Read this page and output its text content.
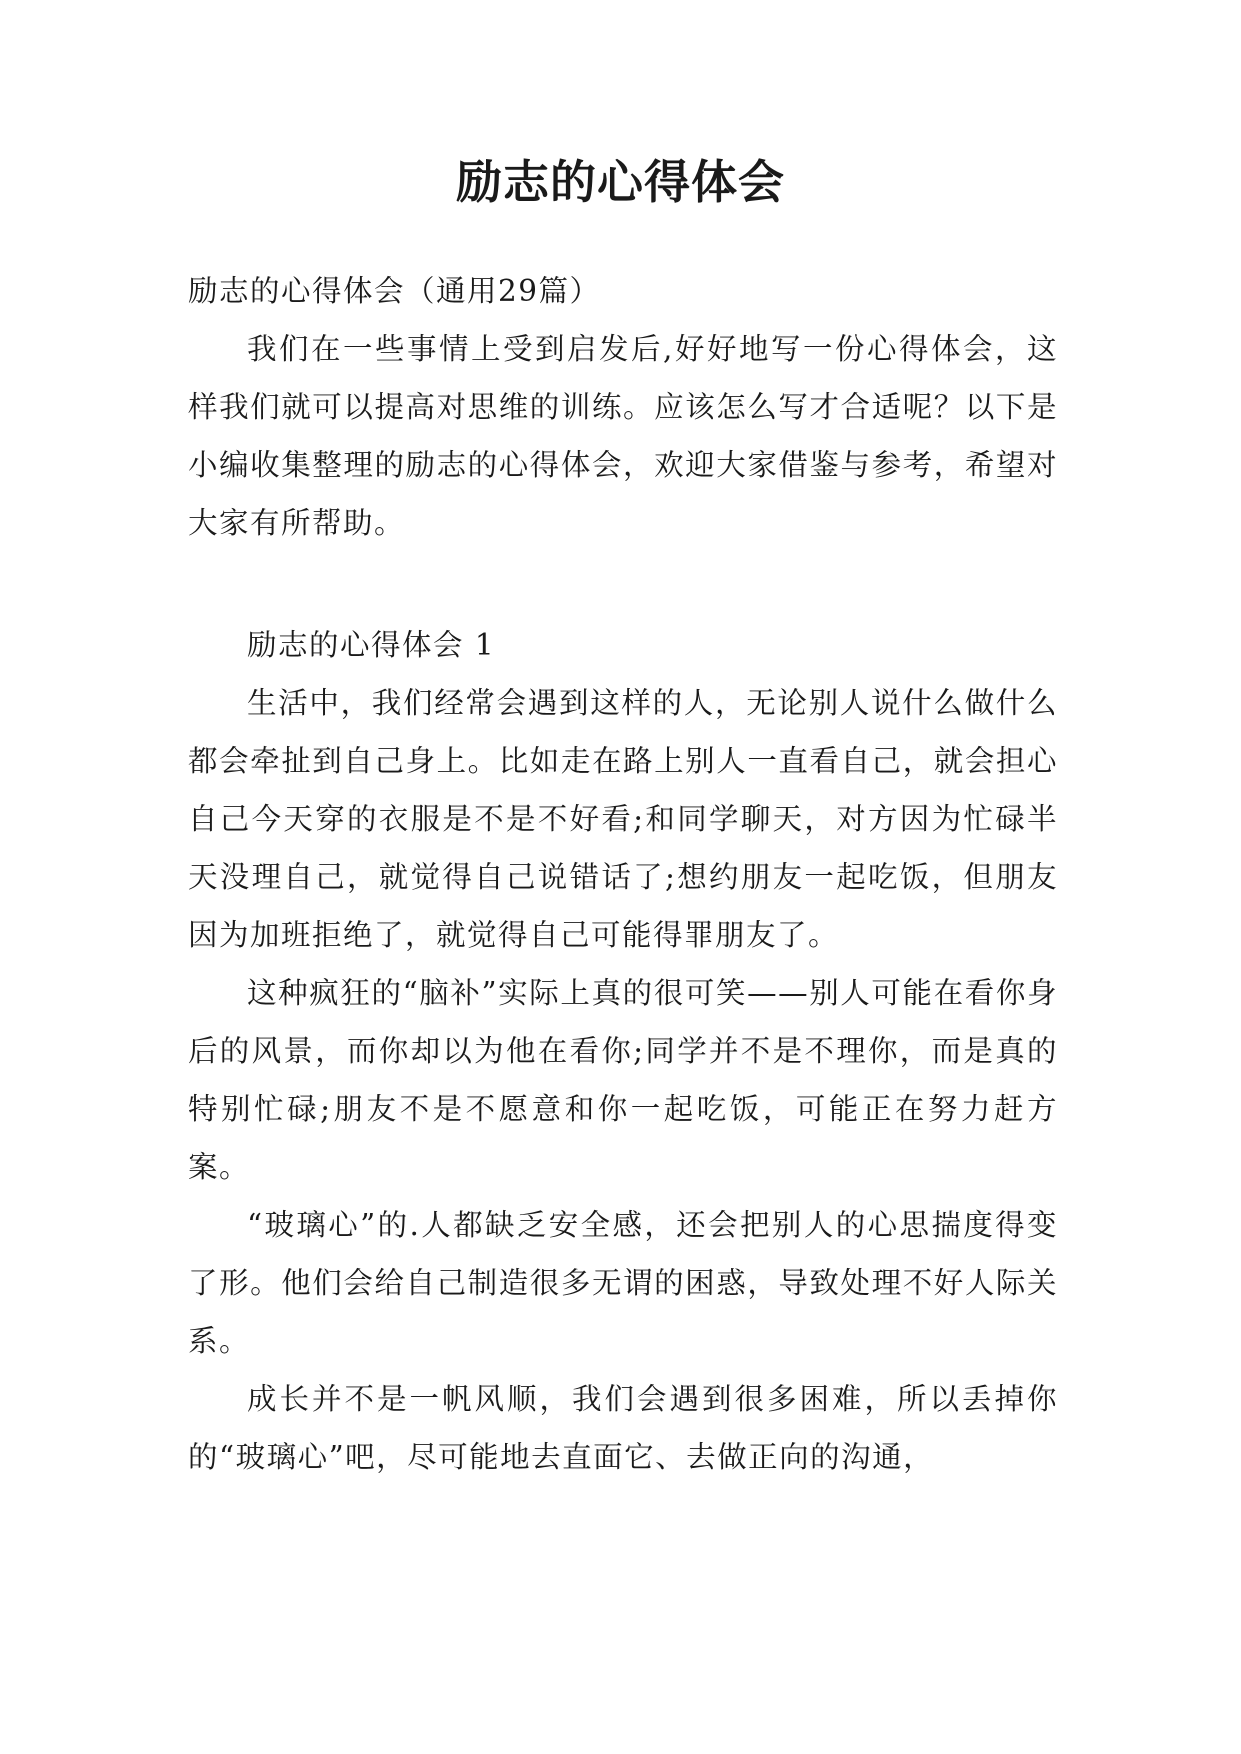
励志的心得体会

励志的心得体会（通用29篇）

我们在一些事情上受到启发后,好好地写一份心得体会，这样我们就可以提高对思维的训练。应该怎么写才合适呢？以下是小编收集整理的励志的心得体会，欢迎大家借鉴与参考，希望对大家有所帮助。

励志的心得体会 1

生活中，我们经常会遇到这样的人，无论别人说什么做什么都会牵扯到自己身上。比如走在路上别人一直看自己，就会担心自己今天穿的衣服是不是不好看;和同学聊天，对方因为忙碌半天没理自己，就觉得自己说错话了;想约朋友一起吃饭，但朋友因为加班拒绝了，就觉得自己可能得罪朋友了。

这种疯狂的“脑补”实际上真的很可笑——别人可能在看你身后的风景，而你却以为他在看你;同学并不是不理你，而是真的特别忙碌;朋友不是不愿意和你一起吃饭，可能正在努力赶方案。

“玻璃心”的.人都缺乏安全感，还会把别人的心思揣度得变了形。他们会给自己制造很多无谓的困惑，导致处理不好人际关系。

成长并不是一帆风顺，我们会遇到很多困难，所以丢掉你的“玻璃心”吧，尽可能地去直面它、去做正向的沟通，
